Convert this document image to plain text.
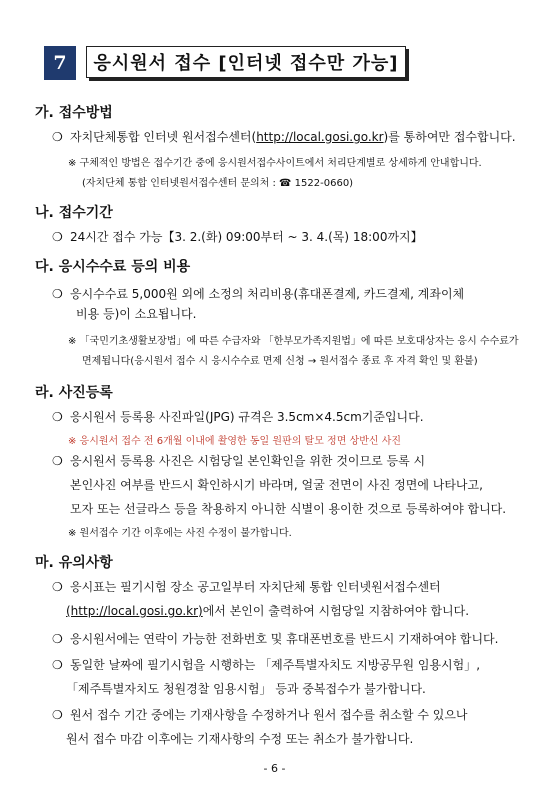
7	응시원서 접수 [인터넷 접수만 가능]
가. 접수방법
❍ 자치단체통합 인터넷 원서접수센터(http://local.gosi.go.kr)를 통하여만 접수합니다.
※ 구체적인 방법은 접수기간 중에 응시원서접수사이트에서 처리단계별로 상세하게 안내합니다.
(자치단체 통합 인터넷원서접수센터 문의처 : ☎ 1522-0660)
나. 접수기간
❍ 24시간 접수 가능【3. 2.(화) 09:00부터 ~ 3. 4.(목) 18:00까지】
다. 응시수수료 등의 비용
❍ 응시수수료 5,000원 외에 소정의 처리비용(휴대폰결제, 카드결제, 계좌이체
비용 등)이 소요됩니다.
※ 「국민기초생활보장법」에 따른 수급자와 「한부모가족지원법」에 따른 보호대상자는 응시 수수료가
면제됩니다(응시원서 접수 시 응시수수료 면제 신청 → 원서접수 종료 후 자격 확인 및 환불)
라. 사진등록
❍ 응시원서 등록용 사진파일(JPG) 규격은 3.5cm×4.5cm기준입니다.
※ 응시원서 접수 전 6개월 이내에 촬영한 동일 원판의 탈모 정면 상반신 사진
❍ 응시원서 등록용 사진은 시험당일 본인확인을 위한 것이므로 등록 시
본인사진 여부를 반드시 확인하시기 바라며, 얼굴 전면이 사진 정면에 나타나고,
모자 또는 선글라스 등을 착용하지 아니한 식별이 용이한 것으로 등록하여야 합니다.
※ 원서접수 기간 이후에는 사진 수정이 불가합니다.
마. 유의사항
❍ 응시표는 필기시험 장소 공고일부터 자치단체 통합 인터넷원서접수센터
(http://local.gosi.go.kr)에서 본인이 출력하여 시험당일 지참하여야 합니다.
❍ 응시원서에는 연락이 가능한 전화번호 및 휴대폰번호를 반드시 기재하여야 합니다.
❍ 동일한 날짜에 필기시험을 시행하는 「제주특별자치도 지방공무원 임용시험」,
「제주특별자치도 청원경찰 임용시험」 등과 중복접수가 불가합니다.
❍ 원서 접수 기간 중에는 기재사항을 수정하거나 원서 접수를 취소할 수 있으나
원서 접수 마감 이후에는 기재사항의 수정 또는 취소가 불가합니다.
- 6 -
